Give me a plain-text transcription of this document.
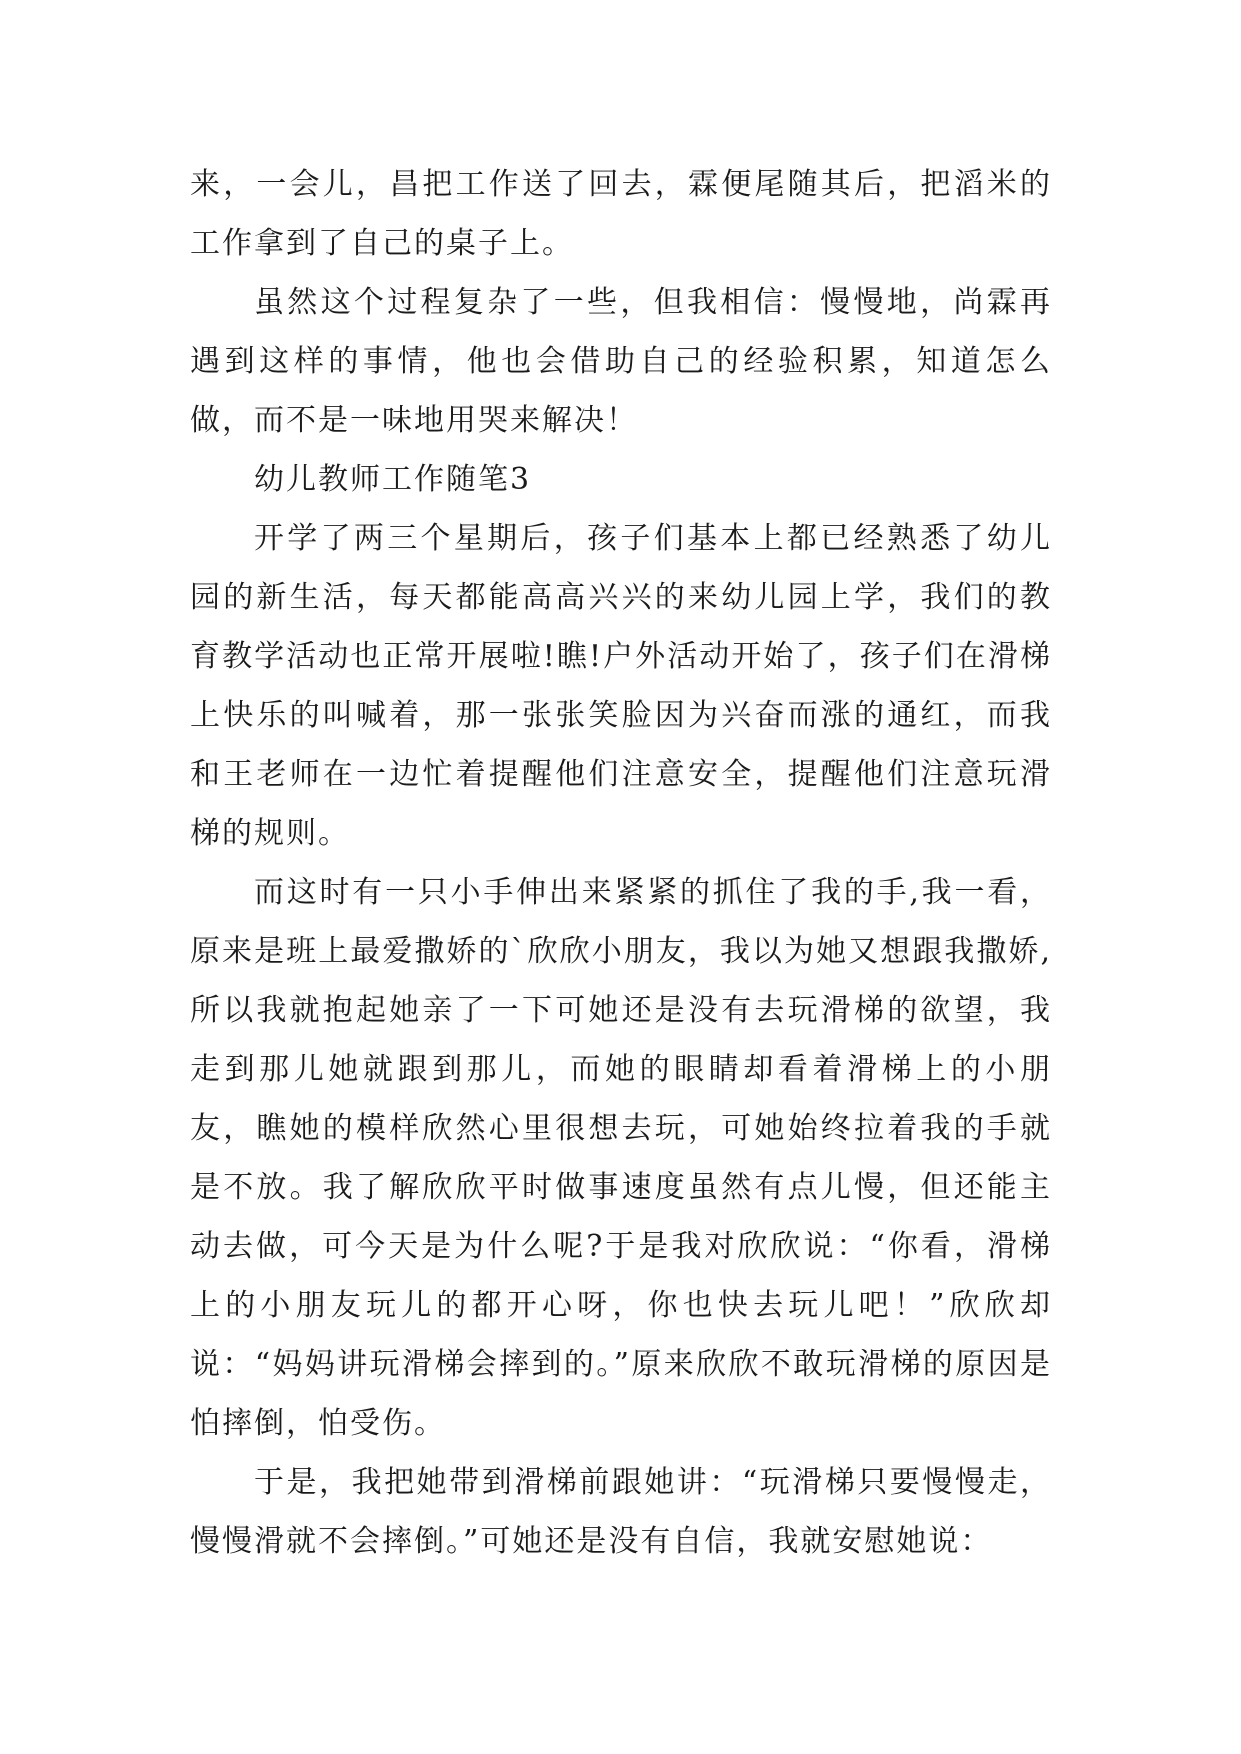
来，一会儿，昌把工作送了回去，霖便尾随其后，把滔米的工作拿到了自己的桌子上。

虽然这个过程复杂了一些，但我相信：慢慢地，尚霖再遇到这样的事情，他也会借助自己的经验积累，知道怎么做，而不是一味地用哭来解决！

幼儿教师工作随笔3

开学了两三个星期后，孩子们基本上都已经熟悉了幼儿园的新生活，每天都能高高兴兴的来幼儿园上学，我们的教育教学活动也正常开展啦!瞧!户外活动开始了，孩子们在滑梯上快乐的叫喊着，那一张张笑脸因为兴奋而涨的通红，而我和王老师在一边忙着提醒他们注意安全，提醒他们注意玩滑梯的规则。

而这时有一只小手伸出来紧紧的抓住了我的手,我一看，原来是班上最爱撒娇的`欣欣小朋友，我以为她又想跟我撒娇,所以我就抱起她亲了一下可她还是没有去玩滑梯的欲望，我走到那儿她就跟到那儿，而她的眼睛却看着滑梯上的小朋友，瞧她的模样欣然心里很想去玩，可她始终拉着我的手就是不放。我了解欣欣平时做事速度虽然有点儿慢，但还能主动去做，可今天是为什么呢?于是我对欣欣说：“你看，滑梯上的小朋友玩儿的都开心呀，你也快去玩儿吧！”欣欣却说：“妈妈讲玩滑梯会摔到的。”原来欣欣不敢玩滑梯的原因是怕摔倒，怕受伤。

于是，我把她带到滑梯前跟她讲：“玩滑梯只要慢慢走，慢慢滑就不会摔倒。”可她还是没有自信，我就安慰她说：
